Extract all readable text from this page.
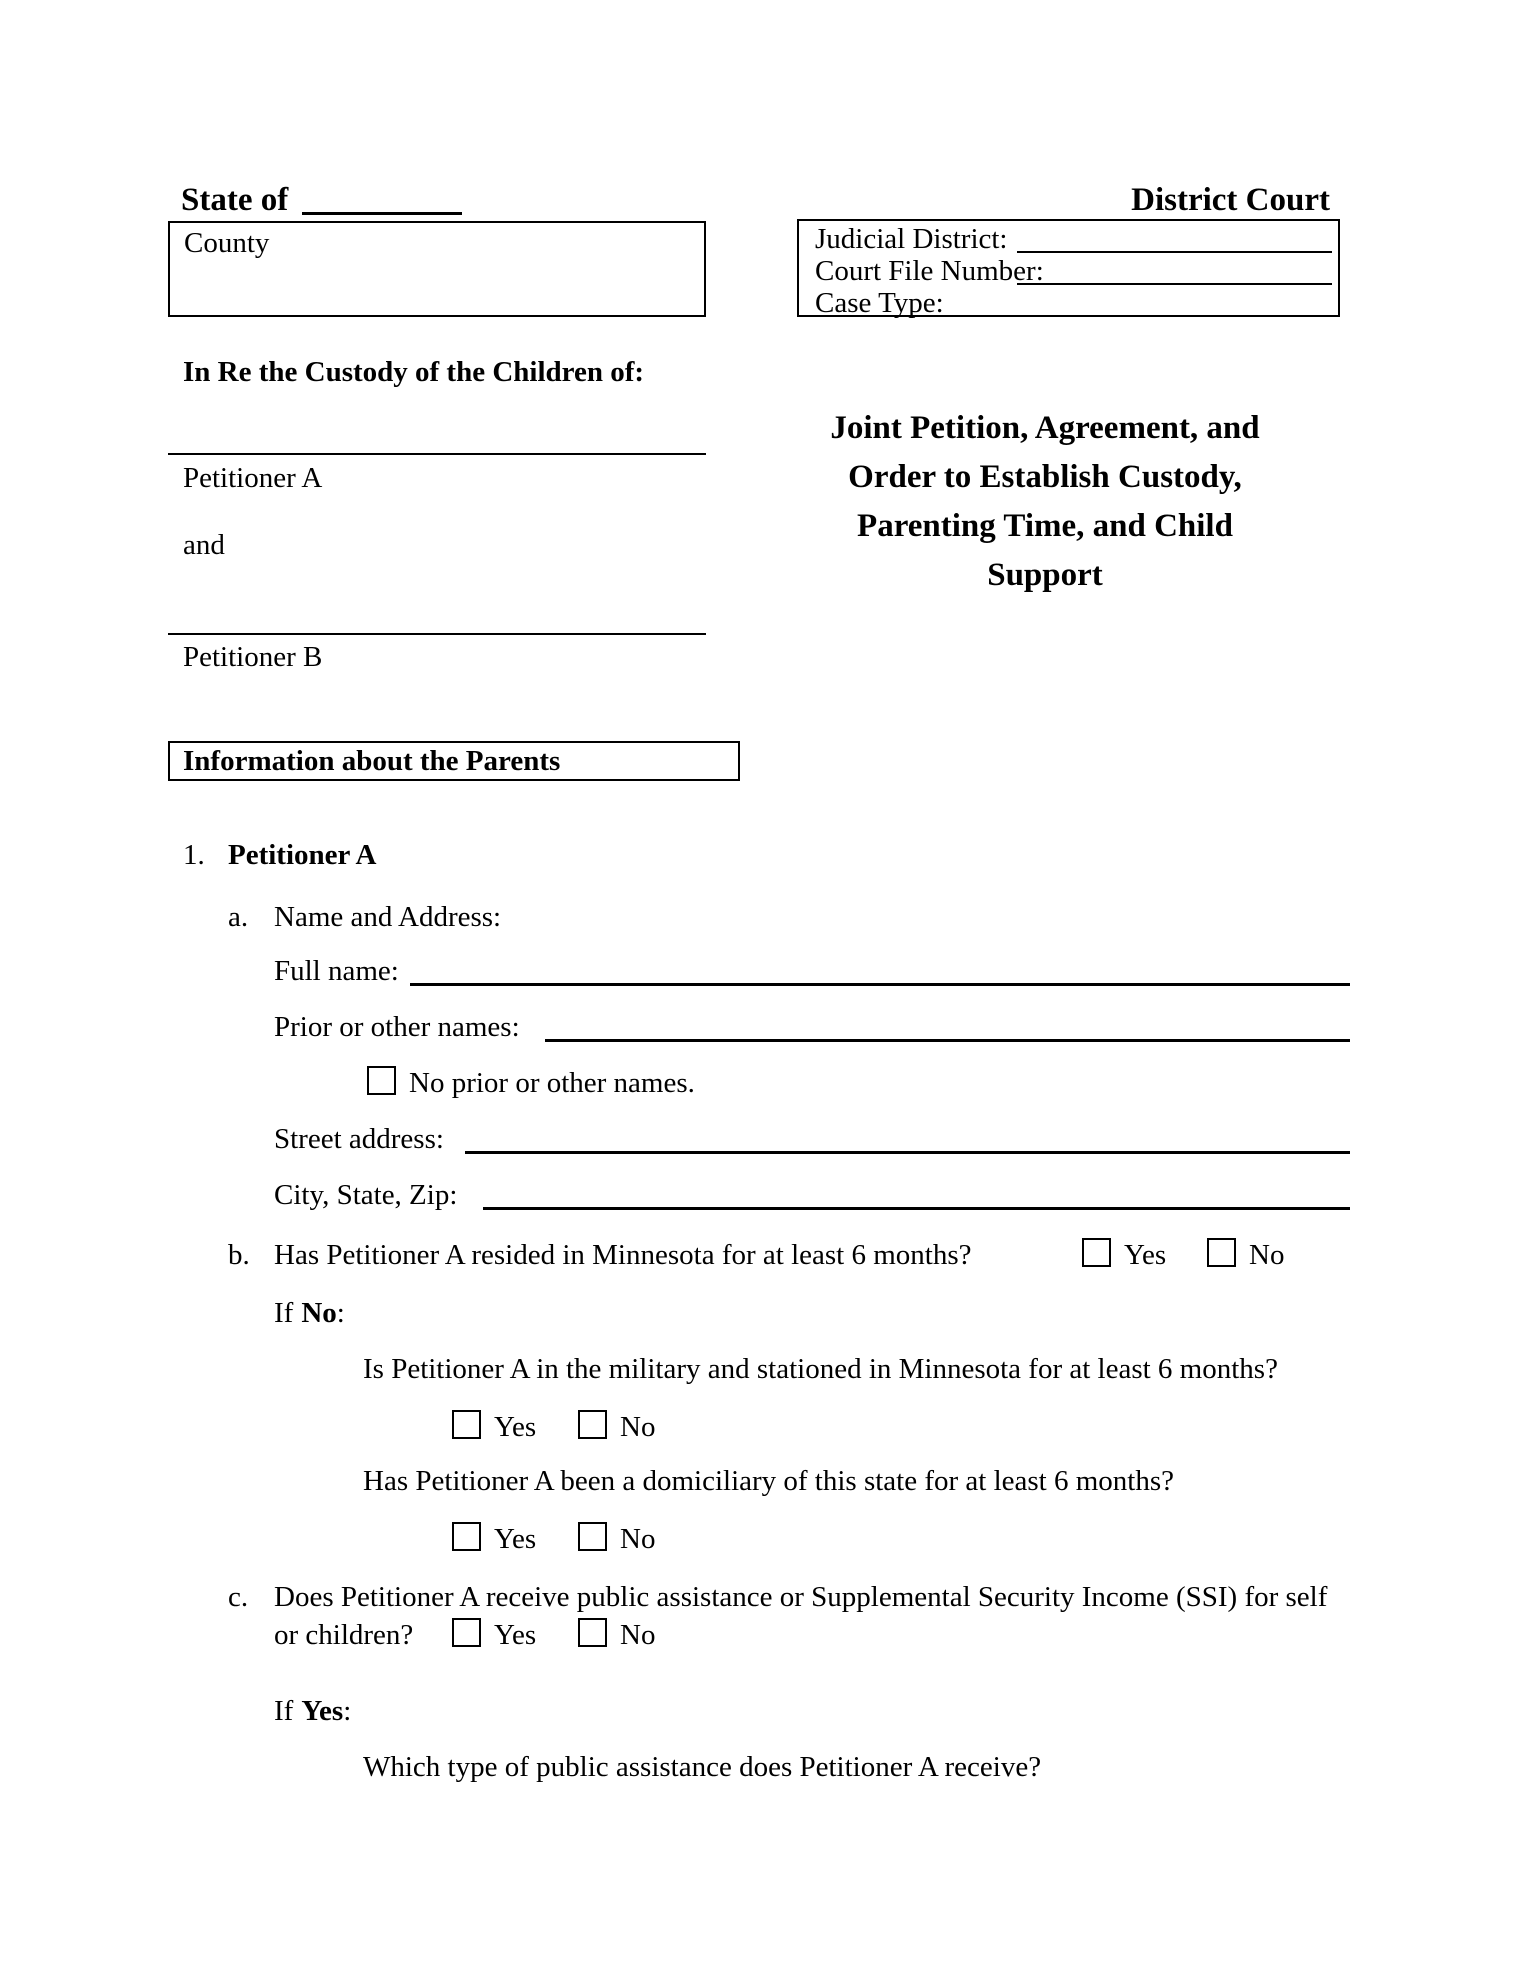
State of
County
District Court
Judicial District:
Court File Number:
Case Type:
In Re the Custody of the Children of:
Petitioner A
and
Petitioner B
Joint Petition, Agreement, and
Order to Establish Custody,
Parenting Time, and Child
Support
Information about the Parents
1. Petitioner A
a. Name and Address:
Full name:
Prior or other names:
No prior or other names.
Street address:
City, State, Zip:
b. Has Petitioner A resided in Minnesota for at least 6 months?	Yes	No
If No:
Is Petitioner A in the military and stationed in Minnesota for at least 6 months?
Yes	No
Has Petitioner A been a domiciliary of this state for at least 6 months?
Yes	No
c. Does Petitioner A receive public assistance or Supplemental Security Income (SSI) for self
or children?	Yes	No
If Yes:
Which type of public assistance does Petitioner A receive?
